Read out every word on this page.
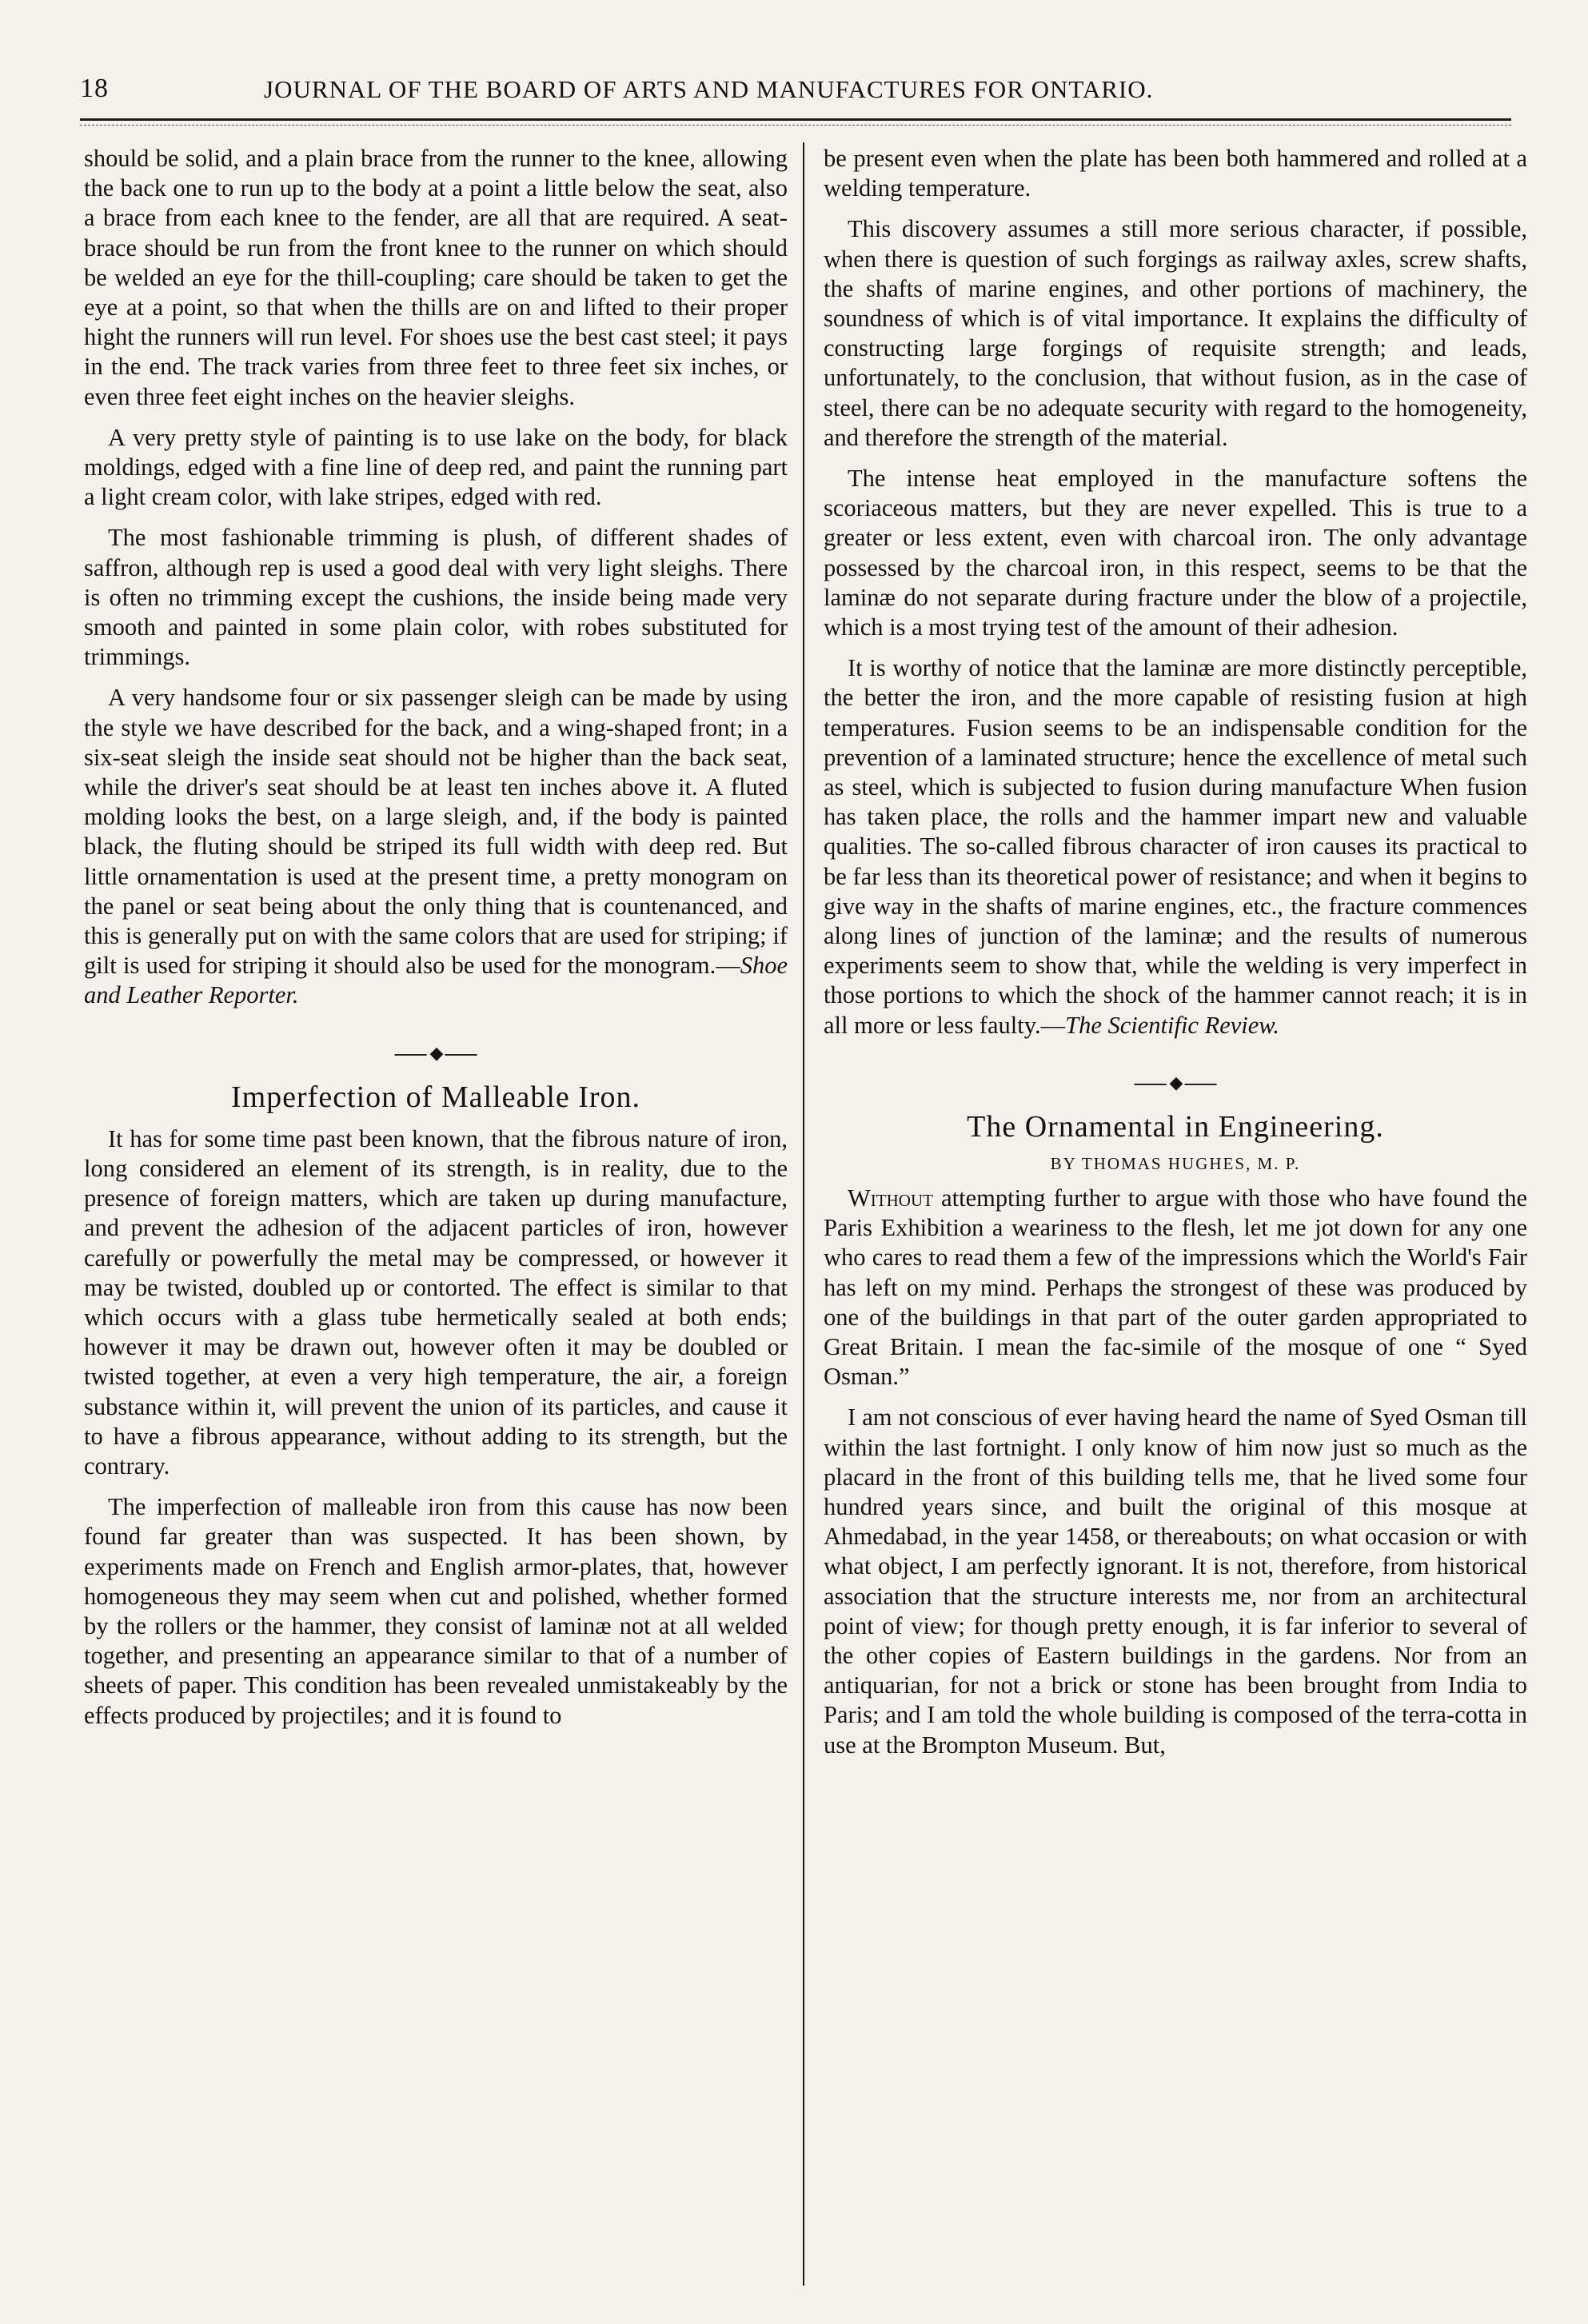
18	JOURNAL OF THE BOARD OF ARTS AND MANUFACTURES FOR ONTARIO.

should be solid, and a plain brace from the runner to the knee, allowing the back one to run up to the body at a point a little below the seat, also a brace from each knee to the fender, are all that are required. A seat-brace should be run from the front knee to the runner on which should be welded an eye for the thill-coupling; care should be taken to get the eye at a point, so that when the thills are on and lifted to their proper hight the runners will run level. For shoes use the best cast steel; it pays in the end. The track varies from three feet to three feet six inches, or even three feet eight inches on the heavier sleighs.

A very pretty style of painting is to use lake on the body, for black moldings, edged with a fine line of deep red, and paint the running part a light cream color, with lake stripes, edged with red.

The most fashionable trimming is plush, of different shades of saffron, although rep is used a good deal with very light sleighs. There is often no trimming except the cushions, the inside being made very smooth and painted in some plain color, with robes substituted for trimmings.

A very handsome four or six passenger sleigh can be made by using the style we have described for the back, and a wing-shaped front; in a six-seat sleigh the inside seat should not be higher than the back seat, while the driver's seat should be at least ten inches above it. A fluted molding looks the best, on a large sleigh, and, if the body is painted black, the fluting should be striped its full width with deep red. But little ornamentation is used at the present time, a pretty monogram on the panel or seat being about the only thing that is countenanced, and this is generally put on with the same colors that are used for striping; if gilt is used for striping it should also be used for the monogram.—Shoe and Leather Reporter.

◆
Imperfection of Malleable Iron.

It has for some time past been known, that the fibrous nature of iron, long considered an element of its strength, is in reality, due to the presence of foreign matters, which are taken up during manufacture, and prevent the adhesion of the adjacent particles of iron, however carefully or powerfully the metal may be compressed, or however it may be twisted, doubled up or contorted. The effect is similar to that which occurs with a glass tube hermetically sealed at both ends; however it may be drawn out, however often it may be doubled or twisted together, at even a very high temperature, the air, a foreign substance within it, will prevent the union of its particles, and cause it to have a fibrous appearance, without adding to its strength, but the contrary.

The imperfection of malleable iron from this cause has now been found far greater than was suspected. It has been shown, by experiments made on French and English armor-plates, that, however homogeneous they may seem when cut and polished, whether formed by the rollers or the hammer, they consist of laminæ not at all welded together, and presenting an appearance similar to that of a number of sheets of paper. This condition has been revealed unmistakeably by the effects produced by projectiles; and it is found to

be present even when the plate has been both hammered and rolled at a welding temperature.

This discovery assumes a still more serious character, if possible, when there is question of such forgings as railway axles, screw shafts, the shafts of marine engines, and other portions of machinery, the soundness of which is of vital importance. It explains the difficulty of constructing large forgings of requisite strength; and leads, unfortunately, to the conclusion, that without fusion, as in the case of steel, there can be no adequate security with regard to the homogeneity, and therefore the strength of the material.

The intense heat employed in the manufacture softens the scoriaceous matters, but they are never expelled. This is true to a greater or less extent, even with charcoal iron. The only advantage possessed by the charcoal iron, in this respect, seems to be that the laminæ do not separate during fracture under the blow of a projectile, which is a most trying test of the amount of their adhesion.

It is worthy of notice that the laminæ are more distinctly perceptible, the better the iron, and the more capable of resisting fusion at high temperatures. Fusion seems to be an indispensable condition for the prevention of a laminated structure; hence the excellence of metal such as steel, which is subjected to fusion during manufacture When fusion has taken place, the rolls and the hammer impart new and valuable qualities. The so-called fibrous character of iron causes its practical to be far less than its theoretical power of resistance; and when it begins to give way in the shafts of marine engines, etc., the fracture commences along lines of junction of the laminæ; and the results of numerous experiments seem to show that, while the welding is very imperfect in those portions to which the shock of the hammer cannot reach; it is in all more or less faulty.—The Scientific Review.

◆
The Ornamental in Engineering.
BY THOMAS HUGHES, M. P.

Without attempting further to argue with those who have found the Paris Exhibition a weariness to the flesh, let me jot down for any one who cares to read them a few of the impressions which the World's Fair has left on my mind. Perhaps the strongest of these was produced by one of the buildings in that part of the outer garden appropriated to Great Britain. I mean the fac-simile of the mosque of one “ Syed Osman.”

I am not conscious of ever having heard the name of Syed Osman till within the last fortnight. I only know of him now just so much as the placard in the front of this building tells me, that he lived some four hundred years since, and built the original of this mosque at Ahmedabad, in the year 1458, or thereabouts; on what occasion or with what object, I am perfectly ignorant. It is not, therefore, from historical association that the structure interests me, nor from an architectural point of view; for though pretty enough, it is far inferior to several of the other copies of Eastern buildings in the gardens. Nor from an antiquarian, for not a brick or stone has been brought from India to Paris; and I am told the whole building is composed of the terra-cotta in use at the Brompton Museum. But,
